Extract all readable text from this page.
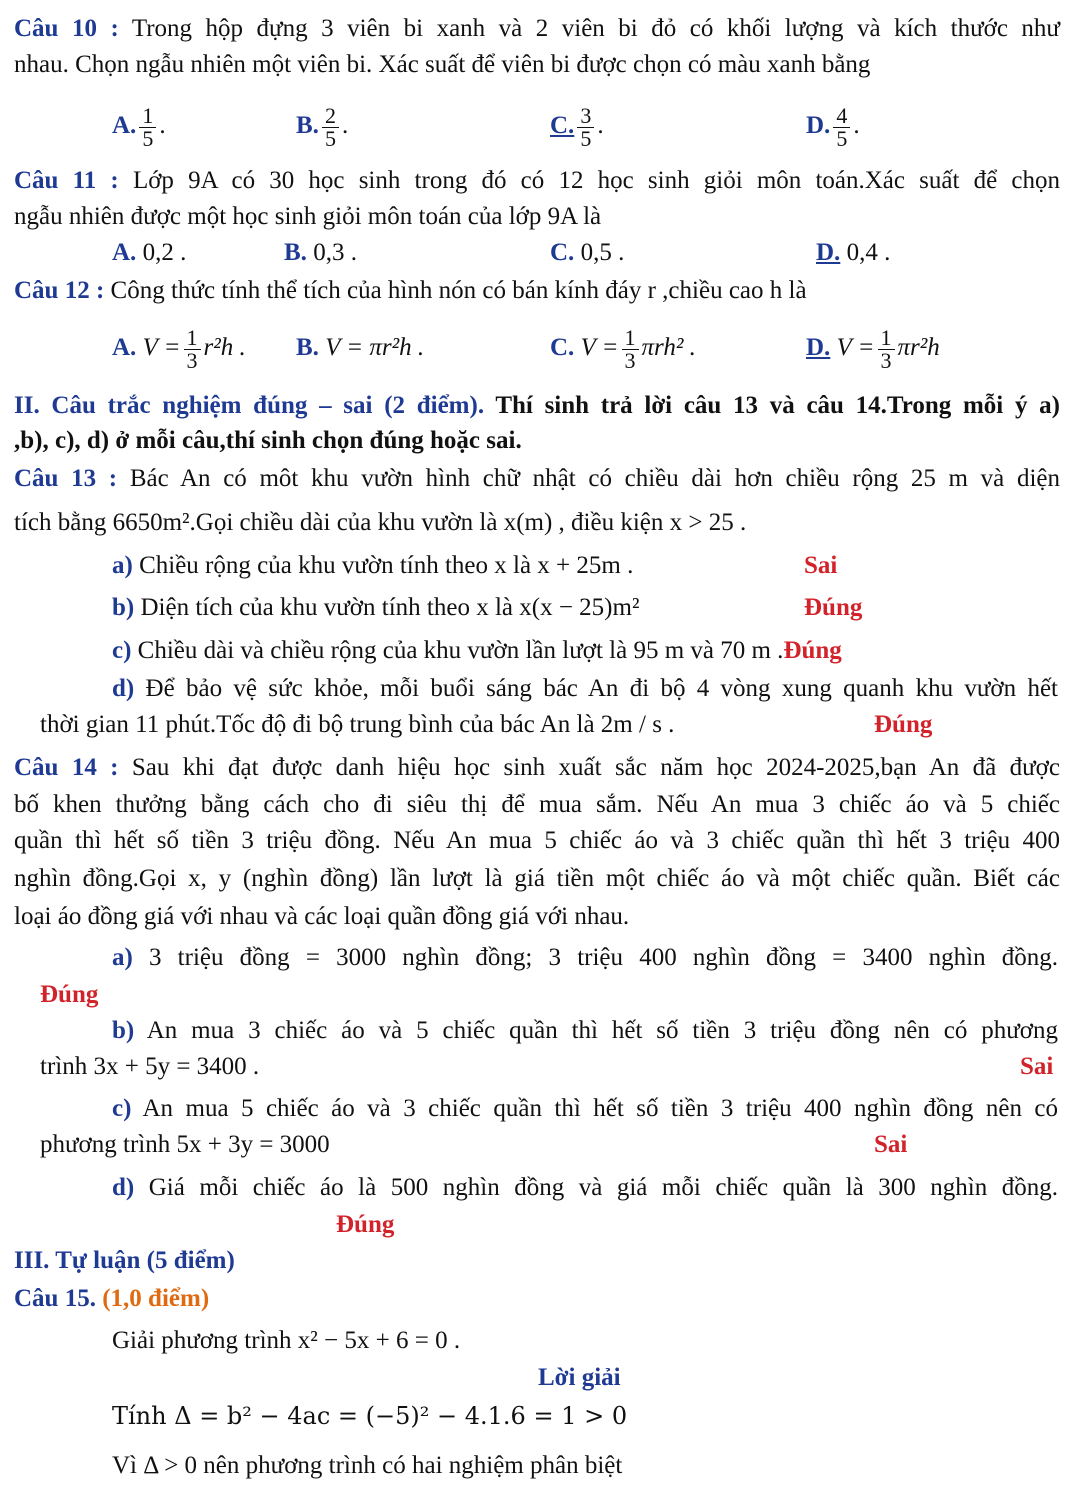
Câu 10 : Trong hộp đựng 3 viên bi xanh và 2 viên bi đỏ có khối lượng và kích thước như
nhau. Chọn ngẫu nhiên một viên bi. Xác suất để viên bi được chọn có màu xanh bằng
A. $\frac{1}{5}$ .	B. $\frac{2}{5}$ .	C. $\frac{3}{5}$ .	D. $\frac{4}{5}$ .
Câu 11 : Lớp 9A có 30 học sinh trong đó có 12 học sinh giỏi môn toán.Xác suất để chọn
ngẫu nhiên được một học sinh giỏi môn toán của lớp 9A là
A. 0,2 .	B. 0,3 .	C. 0,5 .	D. 0,4 .
Câu 12 : Công thức tính thể tích của hình nón có bán kính đáy r ,chiều cao h là
A. $V = \frac{1}{3} r^2h$ . B. V = πr²h .	C. $V = \frac{1}{3} \pi rh^2$ .	D. $V = \frac{1}{3} \pi r^2h$
II. Câu trắc nghiệm đúng – sai (2 điểm). Thí sinh trả lời câu 13 và câu 14.Trong mỗi ý a)
,b), c), d) ở mỗi câu,thí sinh chọn đúng hoặc sai.
Câu 13 : Bác An có môt khu vườn hình chữ nhật có chiều dài hơn chiều rộng 25 m và diện
tích bằng 6650m².Gọi chiều dài của khu vườn là x(m) , điều kiện x > 25 .
a) Chiều rộng của khu vườn tính theo x là x + 25m .	Sai
b) Diện tích của khu vườn tính theo x là x(x − 25)m²	Đúng
c) Chiều dài và chiều rộng của khu vườn lần lượt là 95 m và 70 m .Đúng
d) Để bảo vệ sức khỏe, mỗi buổi sáng bác An đi bộ 4 vòng xung quanh khu vườn hết
thời gian 11 phút.Tốc độ đi bộ trung bình của bác An là 2m / s .	Đúng
Câu 14 : Sau khi đạt được danh hiệu học sinh xuất sắc năm học 2024-2025,bạn An đã được
bố khen thưởng bằng cách cho đi siêu thị để mua sắm. Nếu An mua 3 chiếc áo và 5 chiếc
quần thì hết số tiền 3 triệu đồng. Nếu An mua 5 chiếc áo và 3 chiếc quần thì hết 3 triệu 400
nghìn đồng.Gọi x, y (nghìn đồng) lần lượt là giá tiền một chiếc áo và một chiếc quần. Biết các
loại áo đồng giá với nhau và các loại quần đồng giá với nhau.
a) 3 triệu đồng = 3000 nghìn đồng; 3 triệu 400 nghìn đồng = 3400 nghìn đồng.
Đúng
b) An mua 3 chiếc áo và 5 chiếc quần thì hết số tiền 3 triệu đồng nên có phương
trình 3x + 5y = 3400 .	Sai
c) An mua 5 chiếc áo và 3 chiếc quần thì hết số tiền 3 triệu 400 nghìn đồng nên có
phương trình 5x + 3y = 3000	Sai
d) Giá mỗi chiếc áo là 500 nghìn đồng và giá mỗi chiếc quần là 300 nghìn đồng.
Đúng
III. Tự luận (5 điểm)
Câu 15. (1,0 điểm)
Giải phương trình x² − 5x + 6 = 0 .
Lời giải
Tính Δ = b² − 4ac = (−5)² − 4.1.6 = 1 > 0
Vì Δ > 0 nên phương trình có hai nghiệm phân biệt
